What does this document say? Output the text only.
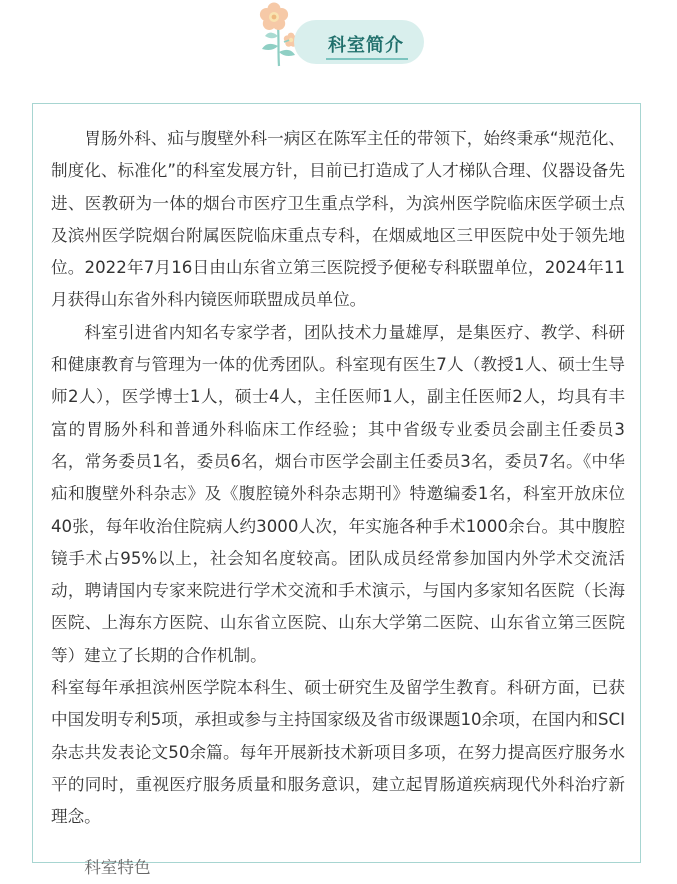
科室简介

胃肠外科、疝与腹壁外科一病区在陈军主任的带领下，始终秉承“规范化、制度化、标准化”的科室发展方针，目前已打造成了人才梯队合理、仪器设备先进、医教研为一体的烟台市医疗卫生重点学科，为滨州医学院临床医学硕士点及滨州医学院烟台附属医院临床重点专科，在烟威地区三甲医院中处于领先地位。2022年7月16日由山东省立第三医院授予便秘专科联盟单位，2024年11月获得山东省外科内镜医师联盟成员单位。

科室引进省内知名专家学者，团队技术力量雄厚，是集医疗、教学、科研和健康教育与管理为一体的优秀团队。科室现有医生7人（教授1人、硕士生导师2人），医学博士1人，硕士4人，主任医师1人，副主任医师2人，均具有丰富的胃肠外科和普通外科临床工作经验；其中省级专业委员会副主任委员3名，常务委员1名，委员6名，烟台市医学会副主任委员3名，委员7名。《中华疝和腹壁外科杂志》及《腹腔镜外科杂志期刊》特邀编委1名，科室开放床位40张，每年收治住院病人约3000人次，年实施各种手术1000余台。其中腹腔镜手术占95%以上，社会知名度较高。团队成员经常参加国内外学术交流活动，聘请国内专家来院进行学术交流和手术演示，与国内多家知名医院（长海医院、上海东方医院、山东省立医院、山东大学第二医院、山东省立第三医院等）建立了长期的合作机制。

科室每年承担滨州医学院本科生、硕士研究生及留学生教育。科研方面，已获中国发明专利5项，承担或参与主持国家级及省市级课题10余项，在国内和SCI杂志共发表论文50余篇。每年开展新技术新项目多项，在努力提高医疗服务水平的同时，重视医疗服务质量和服务意识，建立起胃肠道疾病现代外科治疗新理念。

科室特色
